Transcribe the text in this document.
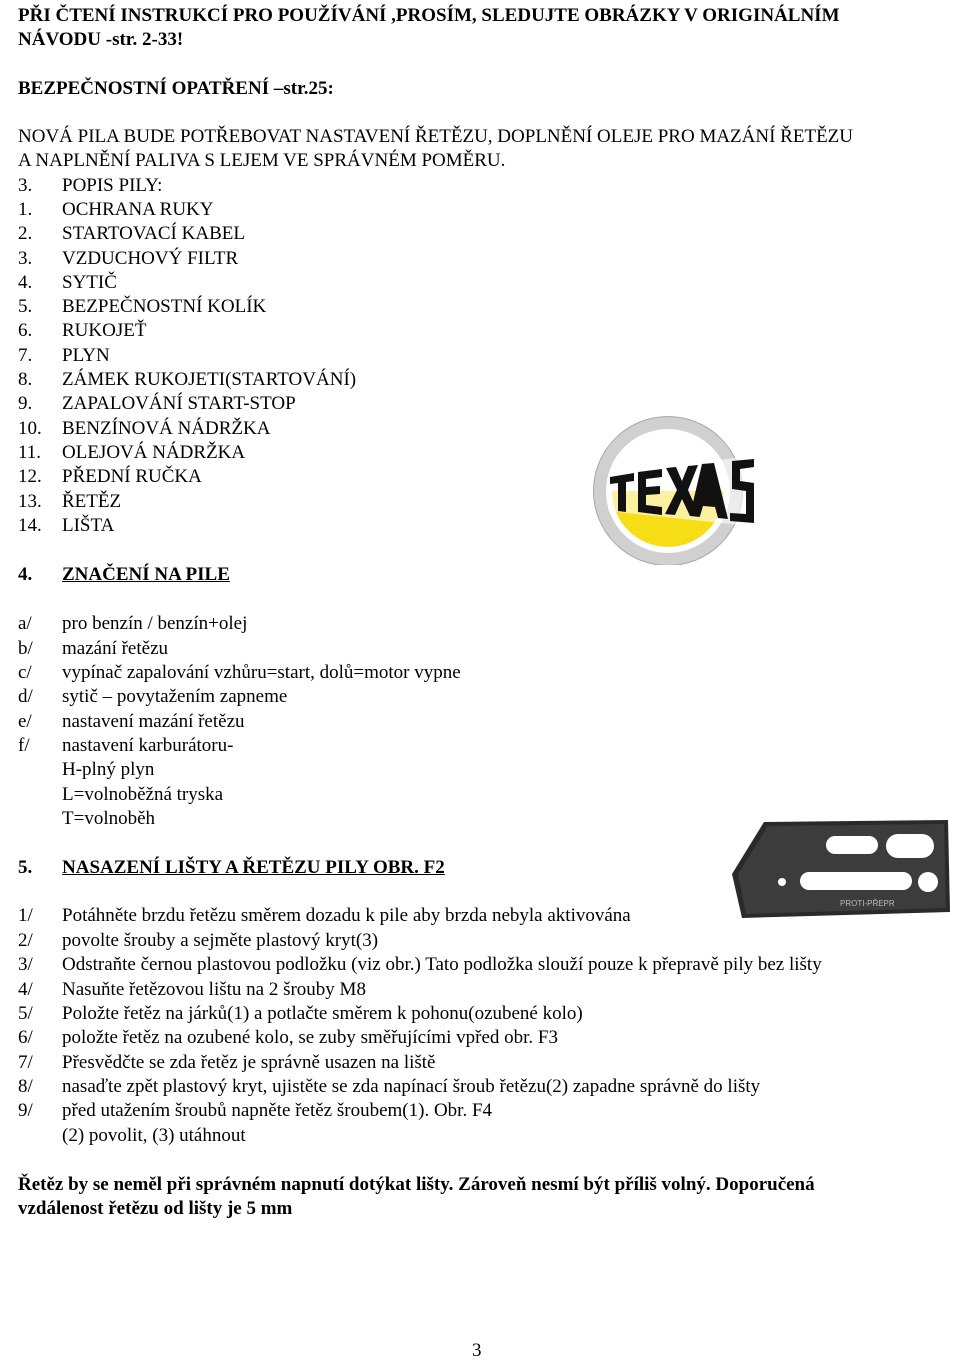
PŘI ČTENÍ INSTRUKCÍ PRO POUŽÍVÁNÍ ,PROSÍM, SLEDUJTE OBRÁZKY V ORIGINÁLNÍM
NÁVODU -str. 2-33!
BEZPEČNOSTNÍ OPATŘENÍ –str.25:
NOVÁ PILA BUDE POTŘEBOVAT NASTAVENÍ ŘETĚZU, DOPLNĚNÍ OLEJE PRO MAZÁNÍ ŘETĚZU
A NAPLNĚNÍ PALIVA S LEJEM VE SPRÁVNÉM POMĚRU.
3. POPIS PILY:
1. OCHRANA RUKY
2. STARTOVACÍ KABEL
3. VZDUCHOVÝ FILTR
4. SYTIČ
5. BEZPEČNOSTNÍ KOLÍK
6. RUKOJEŤ
7. PLYN
8. ZÁMEK RUKOJETI(STARTOVÁNÍ)
9. ZAPALOVÁNÍ START-STOP
10. BENZÍNOVÁ NÁDRŽKA
11. OLEJOVÁ NÁDRŽKA
12. PŘEDNÍ RUČKA
13. ŘETĚZ
14. LIŠTA
4. ZNAČENÍ NA PILE
a/ pro benzín / benzín+olej
b/ mazání řetězu
c/ vypínač zapalování vzhůru=start, dolů=motor vypne
d/ sytič – povytažením zapneme
e/ nastavení mazání řetězu
f/ nastavení karburátoru-
H-plný plyn
L=volnoběžná tryska
T=volnoběh
PROTI-PŘEPR
5. NASAZENÍ LIŠTY A ŘETĚZU PILY OBR. F2
1/ Potáhněte brzdu řetězu směrem dozadu k pile aby brzda nebyla aktivována
2/ povolte šrouby a sejměte plastový kryt(3)
3/ Odstraňte černou plastovou podložku (viz obr.) Tato podložka slouží pouze k přepravě pily bez lišty
4/ Nasuňte řetězovou lištu na 2 šrouby M8
5/ Položte řetěz na járků(1) a potlačte směrem k pohonu(ozubené kolo)
6/ položte řetěz na ozubené kolo, se zuby směřujícími vpřed obr. F3
7/ Přesvědčte se zda řetěz je správně usazen na liště
8/ nasaďte zpět plastový kryt, ujistěte se zda napínací šroub řetězu(2) zapadne správně do lišty
9/ před utažením šroubů napněte řetěz šroubem(1). Obr. F4
(2) povolit, (3) utáhnout
Řetěz by se neměl při správném napnutí dotýkat lišty. Zároveň nesmí být příliš volný. Doporučená
vzdálenost řetězu od lišty je 5 mm
3
